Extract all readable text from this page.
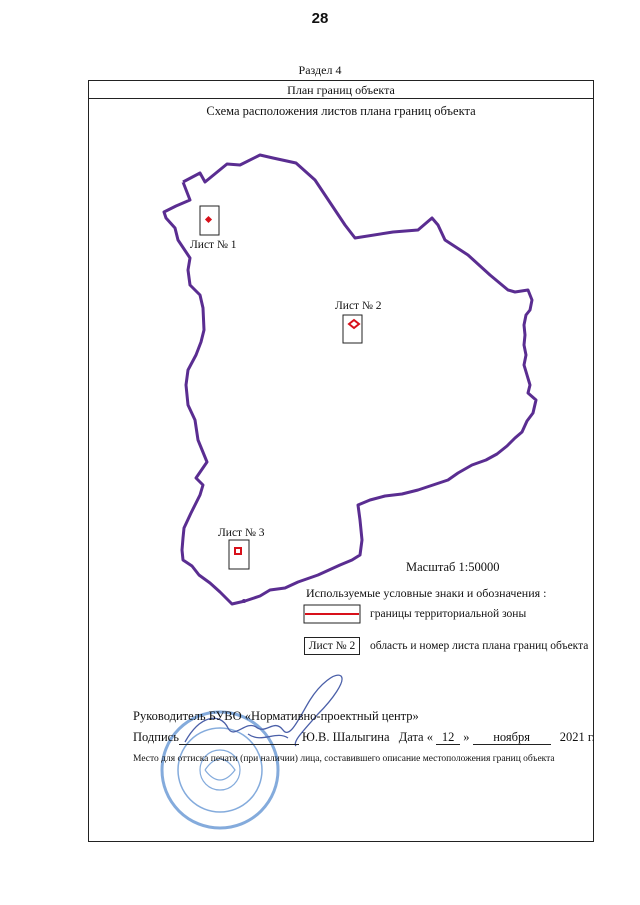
28
Раздел 4
План границ объекта
Схема расположения листов плана границ объекта
Лист № 1
Лист № 2
Лист № 3
Масштаб 1:50000
Используемые условные знаки и обозначения :
границы территориальной зоны
Лист № 2	область и номер листа плана границ объекта
Руководитель БУВО «Нормативно-проектный центр»
Подпись	Ю.В. Шалыгина Дата « 12 » ноября 2021 г.
Место для оттиска печати (при наличии) лица, составившего описание местоположения границ объекта
